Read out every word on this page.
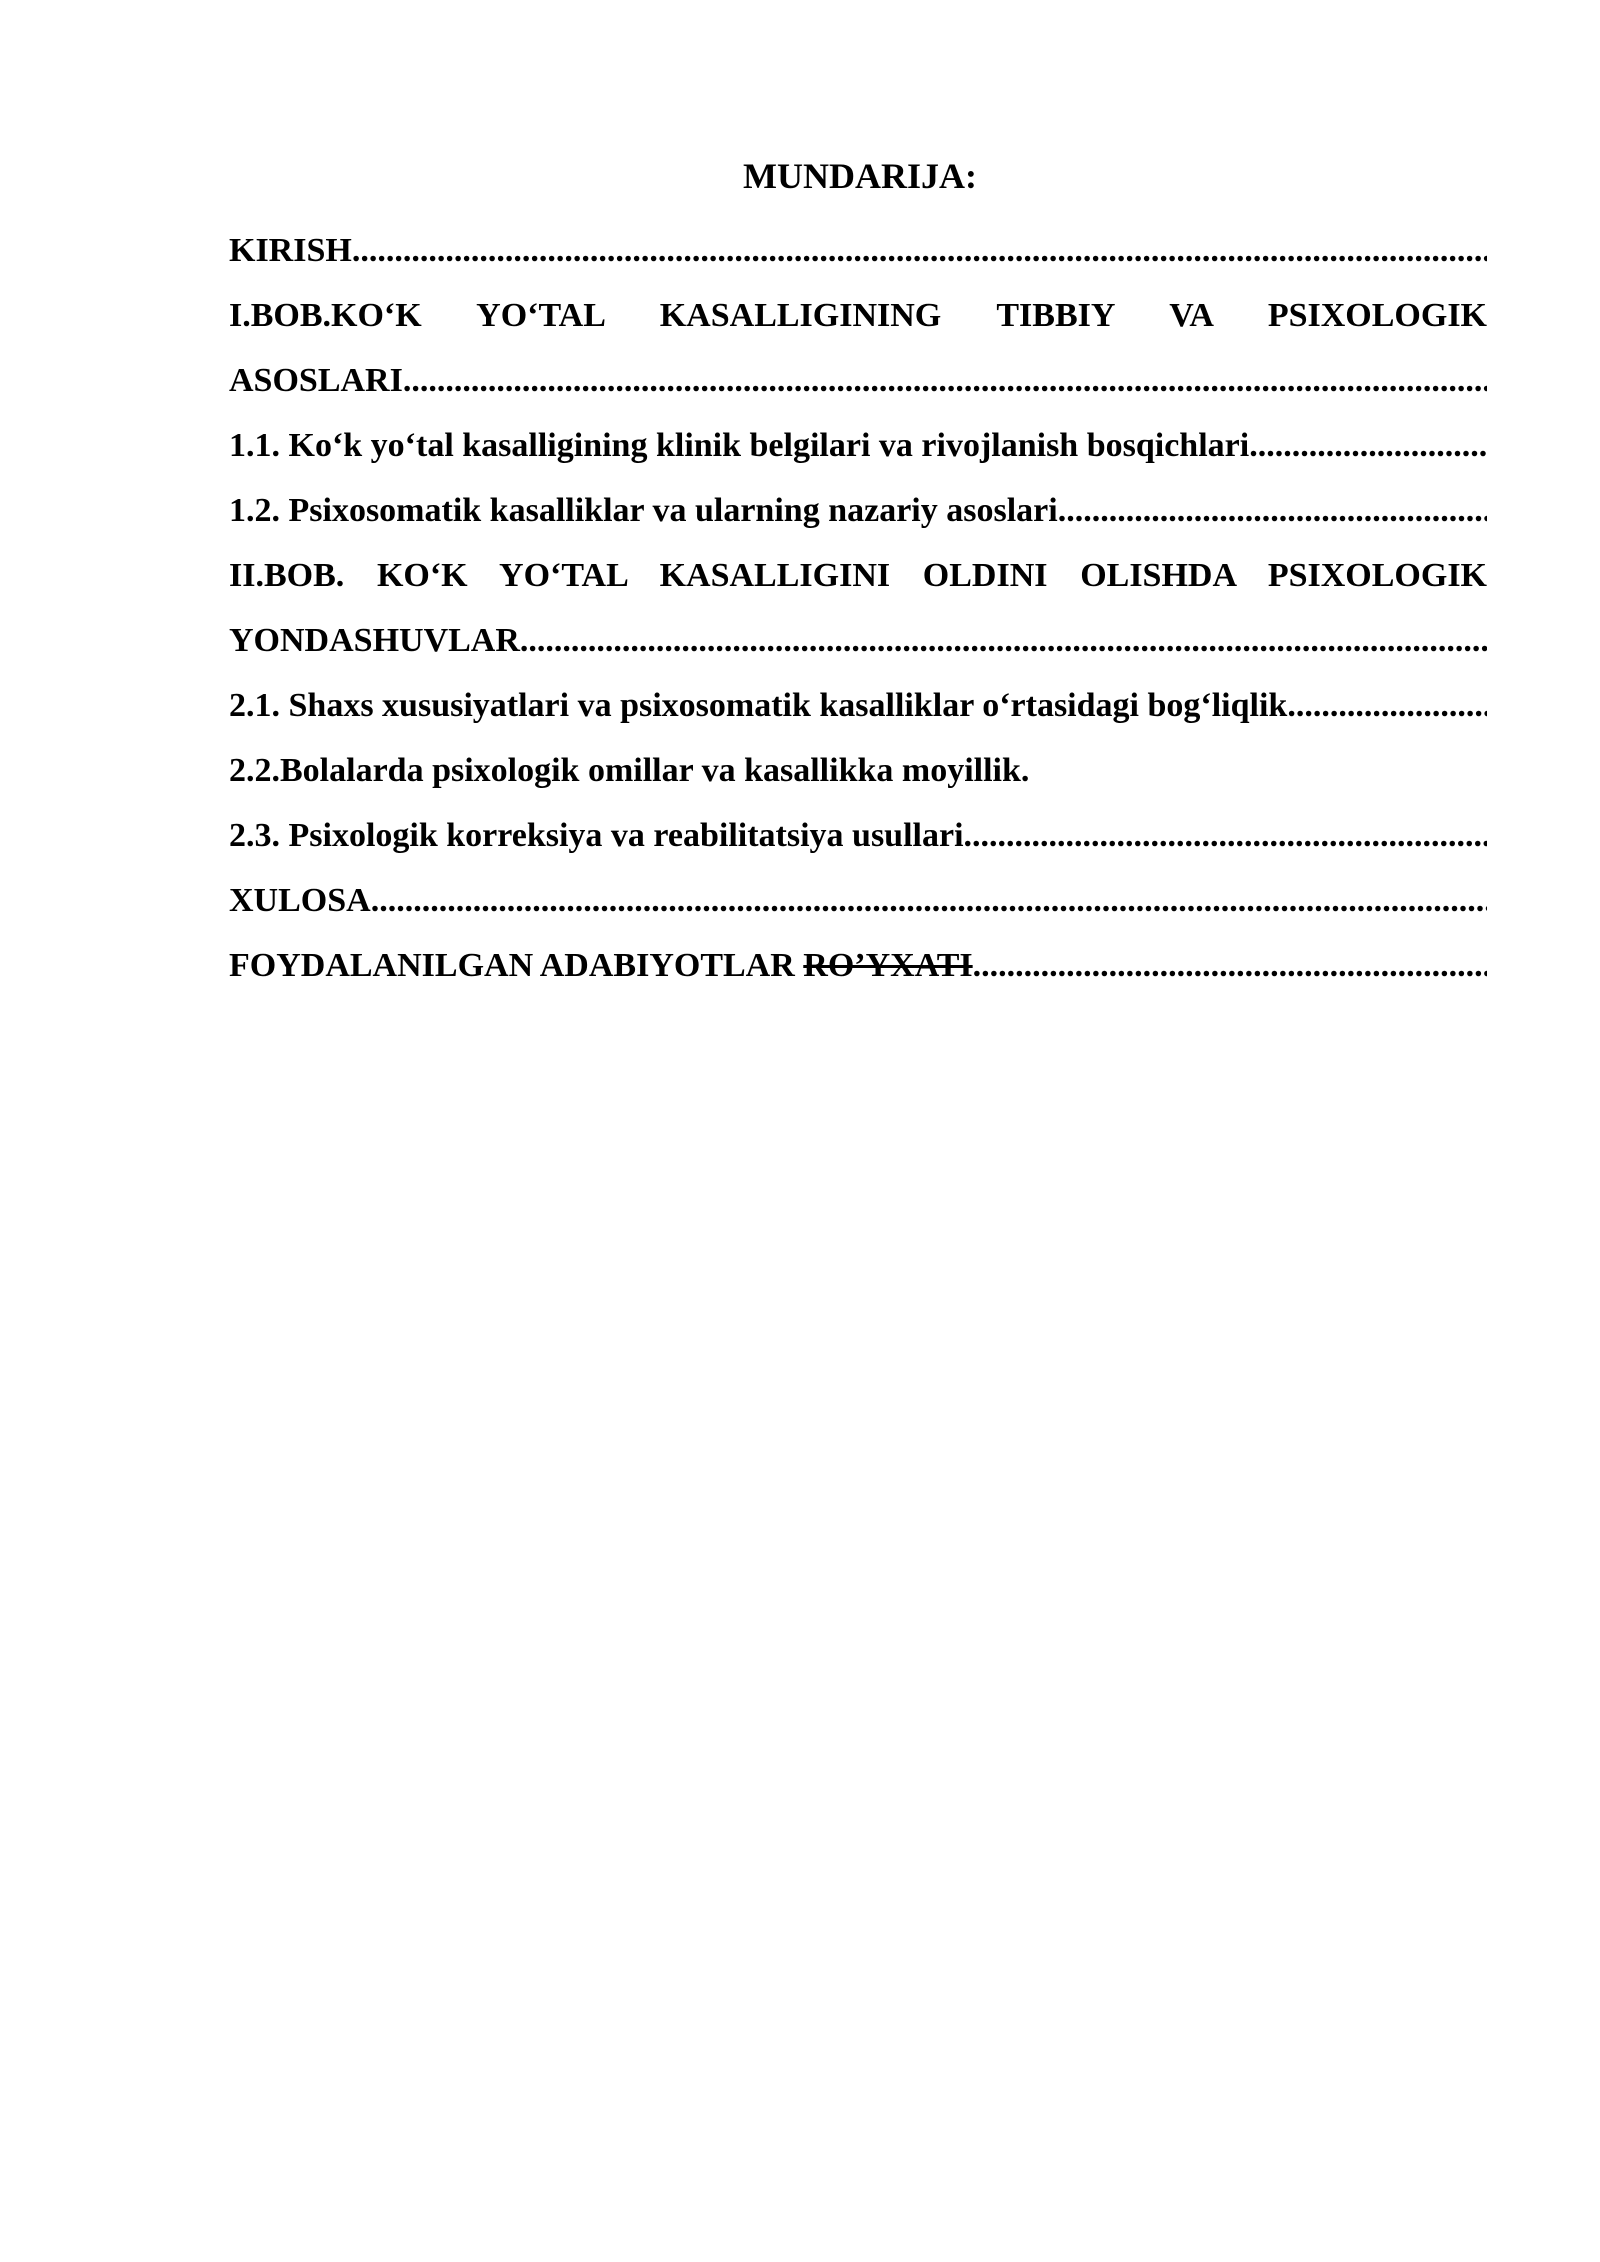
MUNDARIJA:
KIRISH
.....
I.BOB.KO‘K YO‘TAL KASALLIGINING TIBBIY VA PSIXOLOGIK
ASOSLARI
.....
1.1. Ko‘k yo‘tal kasalligining klinik belgilari va rivojlanish bosqichlari
.....
1.2. Psixosomatik kasalliklar va ularning nazariy asoslari
.....
II.BOB. KO‘K YO‘TAL KASALLIGINI OLDINI OLISHDA PSIXOLOGIK
YONDASHUVLAR
.....
2.1. Shaxs xususiyatlari va psixosomatik kasalliklar o‘rtasidagi bog‘liqlik
.....
2.2.Bolalarda psixologik omillar va kasallikka moyillik.
2.3. Psixologik korreksiya va reabilitatsiya usullari
.....
XULOSA
.....
FOYDALANILGAN ADABIYOTLAR
RO’YXATI
.....
